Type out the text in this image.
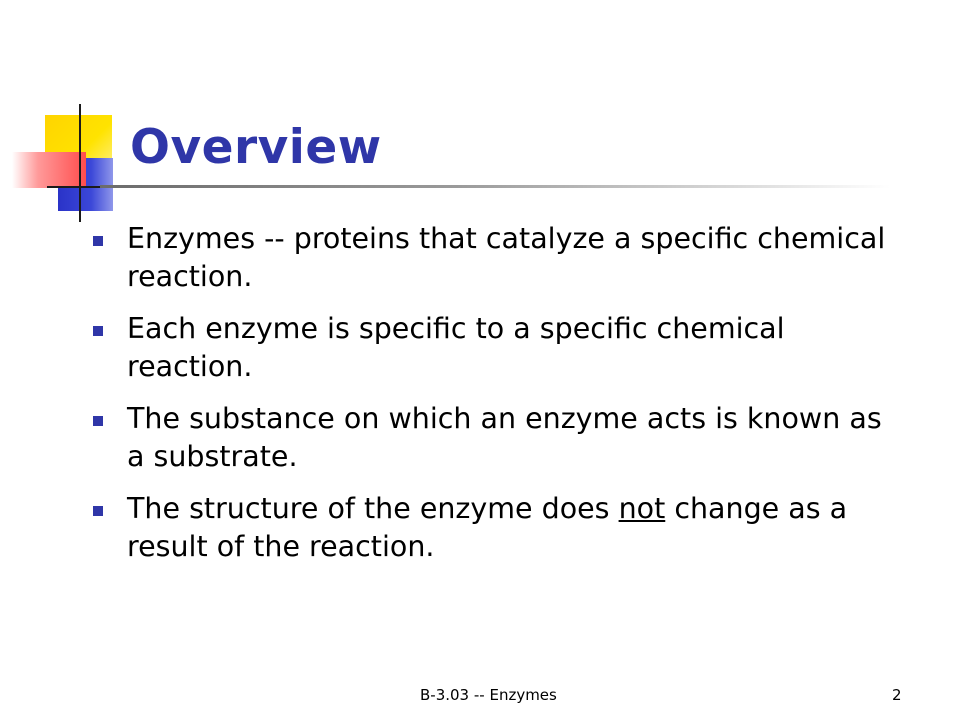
Overview
Enzymes -- proteins that catalyze a specific chemical reaction.
Each enzyme is specific to a specific chemical reaction.
The substance on which an enzyme acts is known as a substrate.
The structure of the enzyme does not change as a result of the reaction.
B-3.03 -- Enzymes	2
